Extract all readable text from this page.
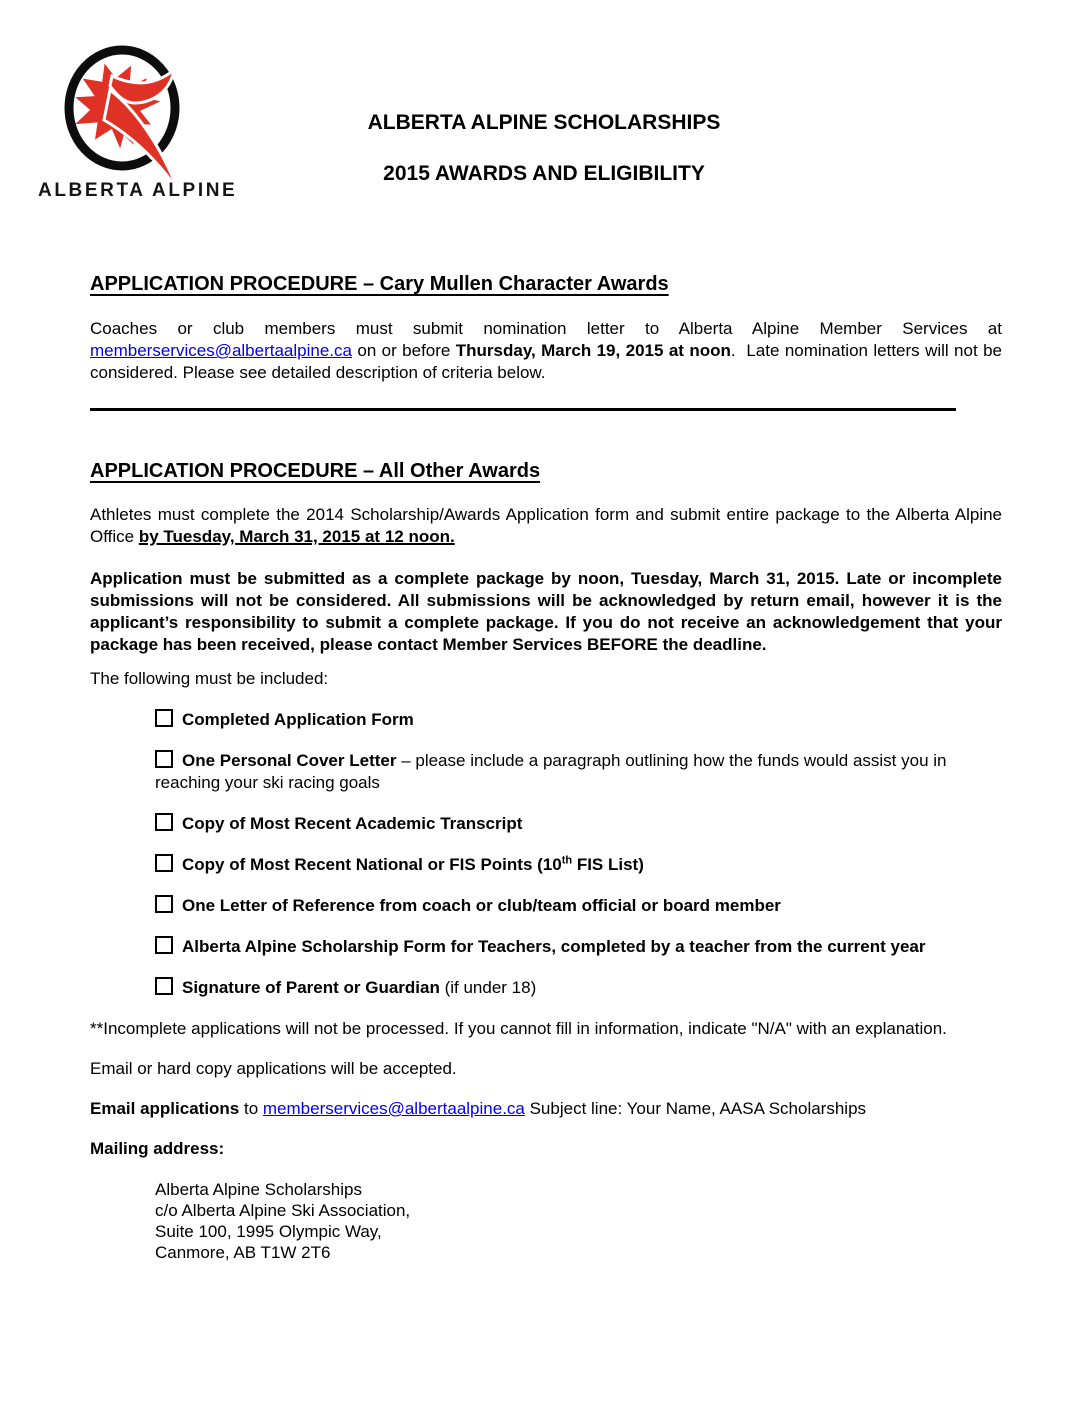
ALBERTA ALPINE
ALBERTA ALPINE SCHOLARSHIPS
2015 AWARDS AND ELIGIBILITY
APPLICATION PROCEDURE – Cary Mullen Character Awards

Coaches or club members must submit nomination letter to Alberta Alpine Member Services at memberservices@albertaalpine.ca on or before Thursday, March 19, 2015 at noon.  Late nomination letters will not be considered. Please see detailed description of criteria below.

APPLICATION PROCEDURE – All Other Awards

Athletes must complete the 2014 Scholarship/Awards Application form and submit entire package to the Alberta Alpine Office by Tuesday, March 31, 2015 at 12 noon.

Application must be submitted as a complete package by noon, Tuesday, March 31, 2015. Late or incomplete submissions will not be considered. All submissions will be acknowledged by return email, however it is the applicant’s responsibility to submit a complete package. If you do not receive an acknowledgement that your package has been received, please contact Member Services BEFORE the deadline.

The following must be included:

Completed Application Form
One Personal Cover Letter – please include a paragraph outlining how the funds would assist you in reaching your ski racing goals
Copy of Most Recent Academic Transcript
Copy of Most Recent National or FIS Points (10th FIS List)
One Letter of Reference from coach or club/team official or board member
Alberta Alpine Scholarship Form for Teachers, completed by a teacher from the current year
Signature of Parent or Guardian (if under 18)

**Incomplete applications will not be processed. If you cannot fill in information, indicate "N/A" with an explanation.

Email or hard copy applications will be accepted.

Email applications to memberservices@albertaalpine.ca Subject line: Your Name, AASA Scholarships

Mailing address:

Alberta Alpine Scholarships
c/o Alberta Alpine Ski Association,
Suite 100, 1995 Olympic Way,
Canmore, AB T1W 2T6
